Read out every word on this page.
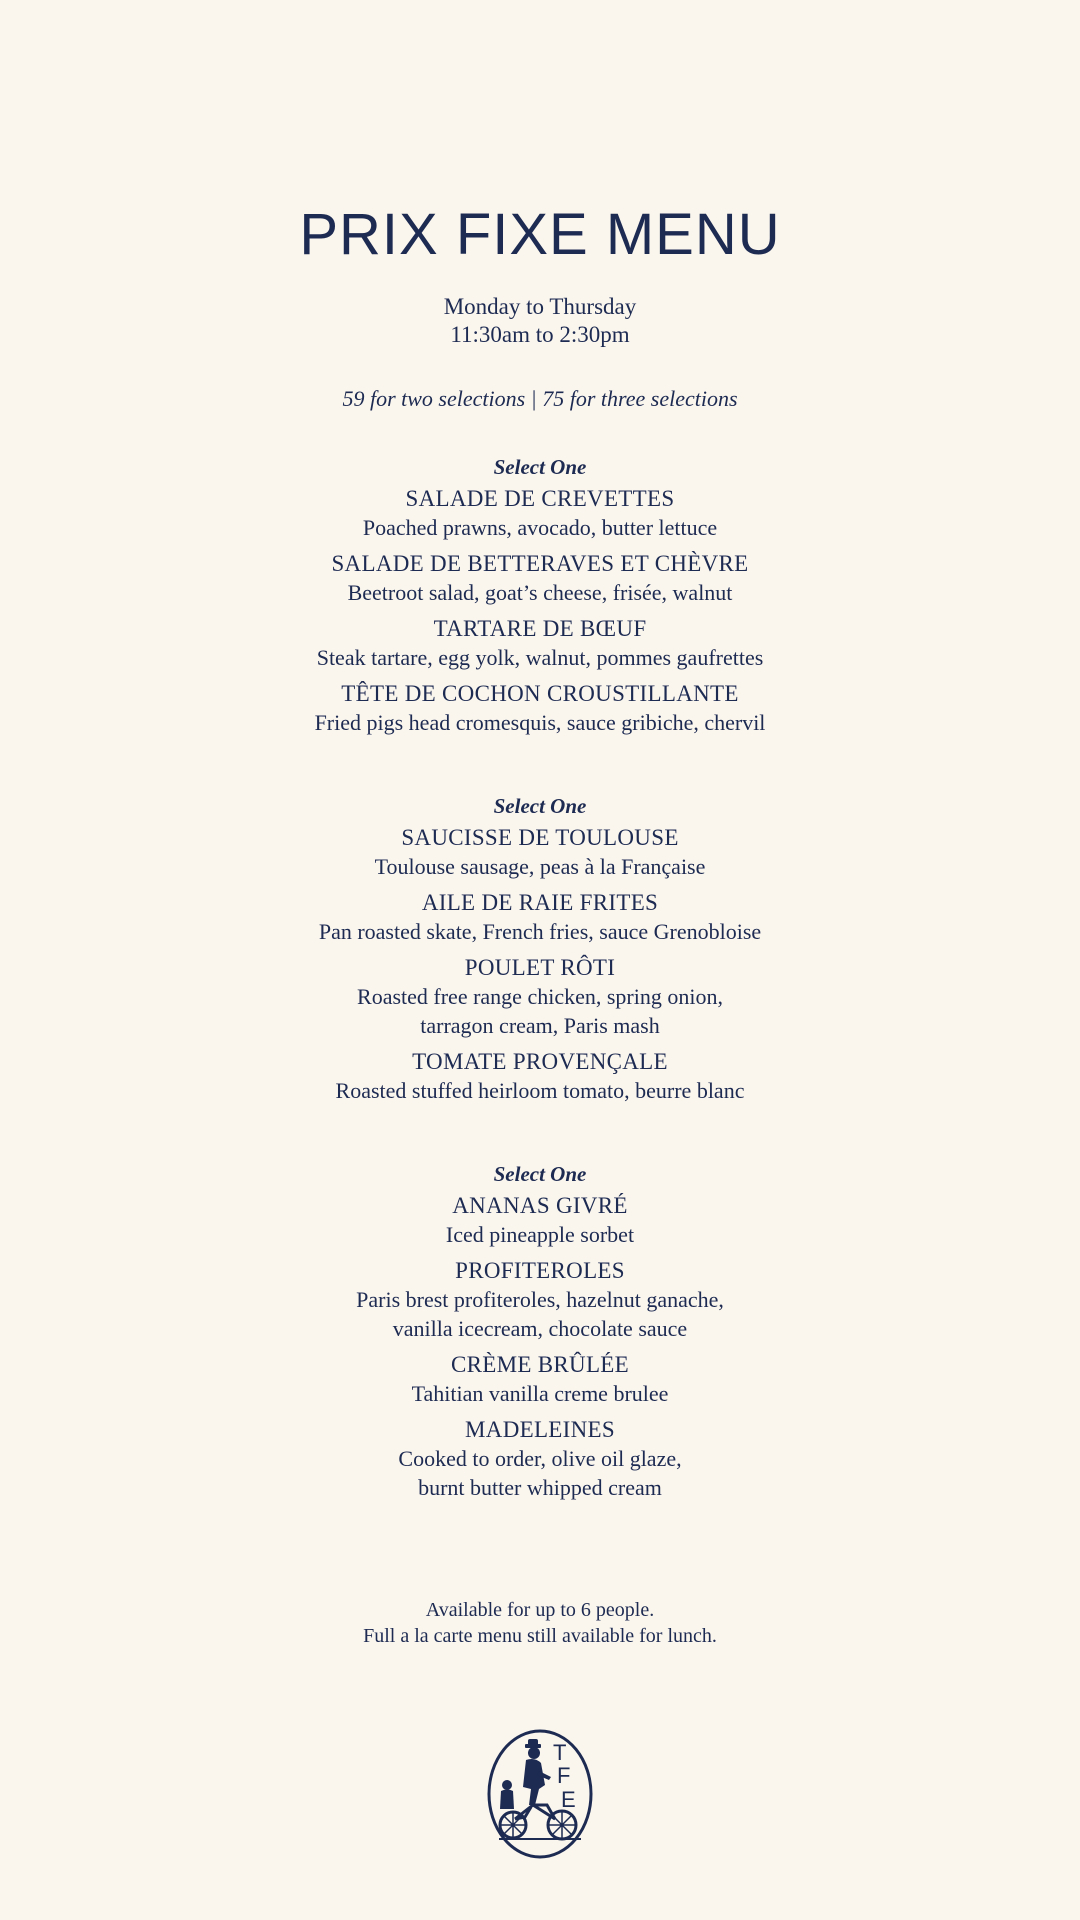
PRIX FIXE MENU
Monday to Thursday
11:30am to 2:30pm
59 for two selections | 75 for three selections
Select One
SALADE DE CREVETTES
Poached prawns, avocado, butter lettuce
SALADE DE BETTERAVES ET CHÈVRE
Beetroot salad, goat’s cheese, frisée, walnut
TARTARE DE BŒUF
Steak tartare, egg yolk, walnut, pommes gaufrettes
TÊTE DE COCHON CROUSTILLANTE
Fried pigs head cromesquis, sauce gribiche, chervil
Select One
SAUCISSE DE TOULOUSE
Toulouse sausage, peas à la Française
AILE DE RAIE FRITES
Pan roasted skate, French fries, sauce Grenobloise
POULET RÔTI
Roasted free range chicken, spring onion,
tarragon cream, Paris mash
TOMATE PROVENÇALE
Roasted stuffed heirloom tomato, beurre blanc
Select One
ANANAS GIVRÉ
Iced pineapple sorbet
PROFITEROLES
Paris brest profiteroles, hazelnut ganache,
vanilla icecream, chocolate sauce
CRÈME BRÛLÉE
Tahitian vanilla creme brulee
MADELEINES
Cooked to order, olive oil glaze,
burnt butter whipped cream
Available for up to 6 people.
Full a la carte menu still available for lunch.
T
F
E
